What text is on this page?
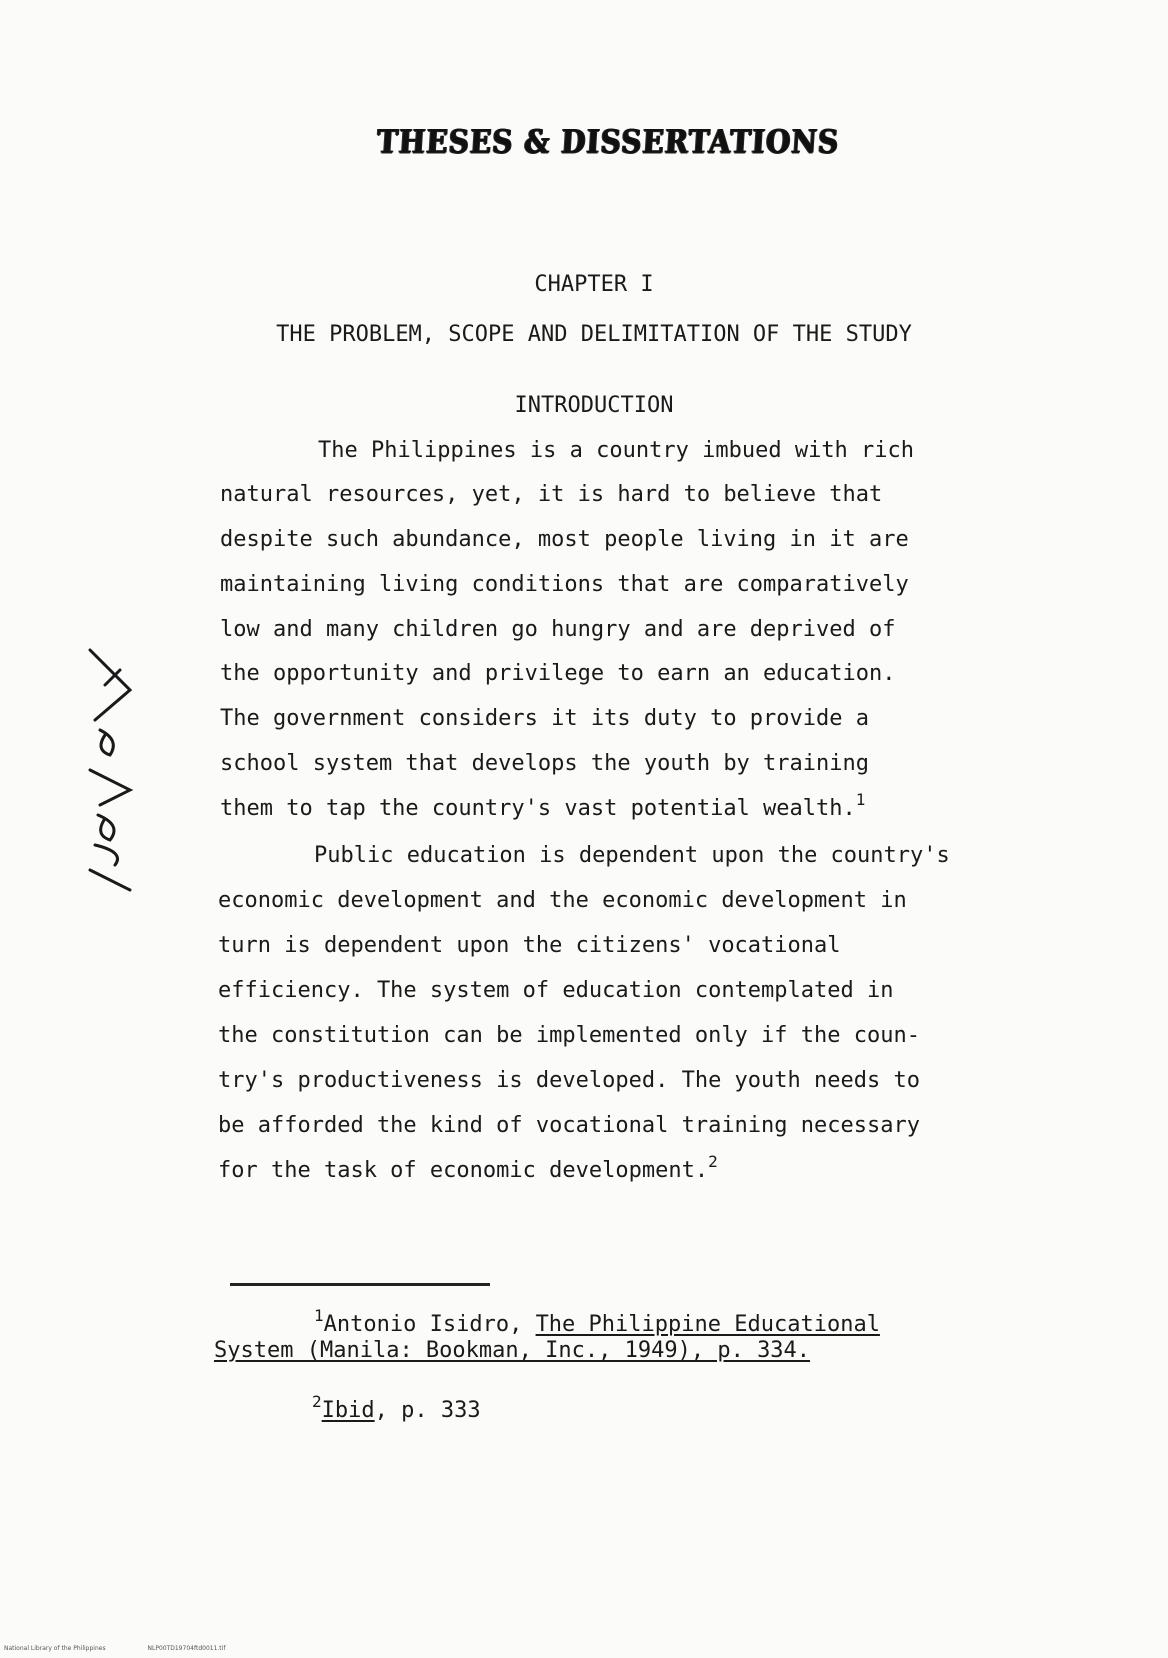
THESES & DISSERTATIONS
CHAPTER I
THE PROBLEM, SCOPE AND DELIMITATION OF THE STUDY
INTRODUCTION
The Philippines is a country imbued with rich
natural resources, yet, it is hard to believe that
despite such abundance, most people living in it are
maintaining living conditions that are comparatively
low and many children go hungry and are deprived of
the opportunity and privilege to earn an education.
The government considers it its duty to provide a
school system that develops the youth by training
them to tap the country's vast potential wealth.$^1$
Public education is dependent upon the country's
economic development and the economic development in
turn is dependent upon the citizens' vocational
efficiency. The system of education contemplated in
the constitution can be implemented only if the coun-
try's productiveness is developed. The youth needs to
be afforded the kind of vocational training necessary
for the task of economic development.$^2$
$^1$Antonio Isidro, The Philippine Educational
System (Manila: Bookman, Inc., 1949), p. 334.
$^2$Ibid, p. 333
National Library of the Philippines	NLP00TD19704ftd0011.tif
